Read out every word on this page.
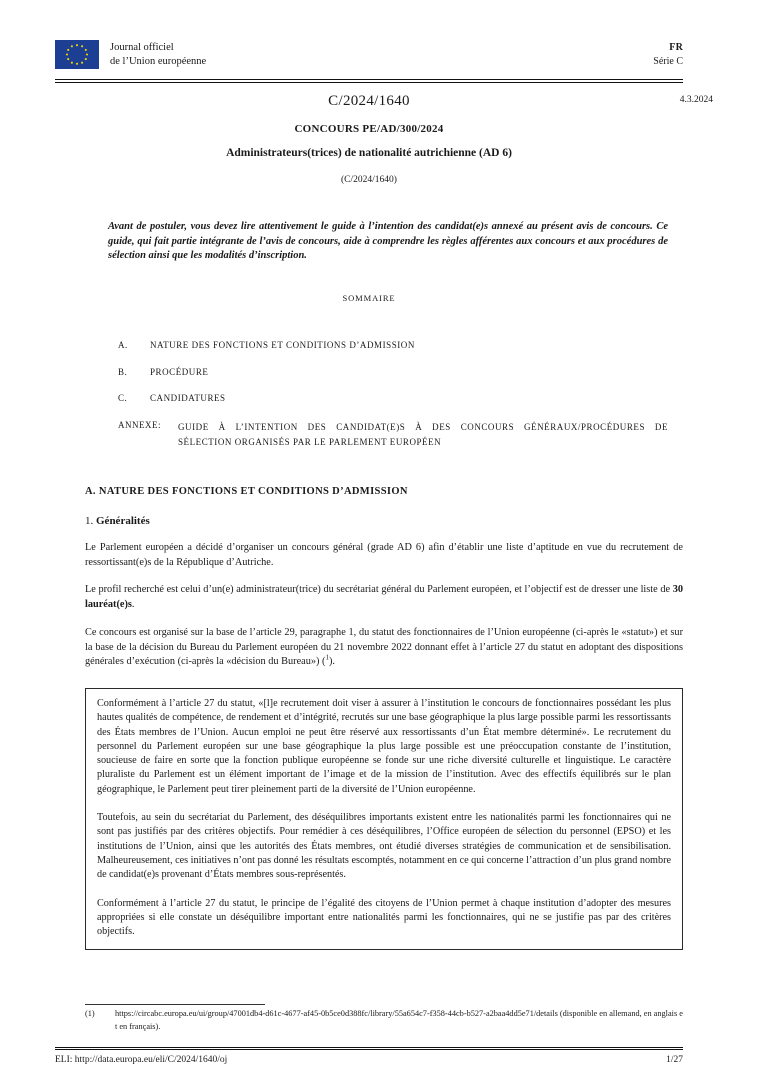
Journal officiel
de l’Union européenne
FR
Série C
C/2024/1640	4.3.2024
CONCOURS PE/AD/300/2024
Administrateurs(trices) de nationalité autrichienne (AD 6)
(C/2024/1640)
Avant de postuler, vous devez lire attentivement le guide à l’intention des candidat(e)s annexé au présent avis de concours. Ce guide, qui fait partie intégrante de l’avis de concours, aide à comprendre les règles afférentes aux concours et aux procédures de sélection ainsi que les modalités d’inscription.
SOMMAIRE
A.	NATURE DES FONCTIONS ET CONDITIONS D’ADMISSION
B.	PROCÉDURE
C.	CANDIDATURES
ANNEXE:	GUIDE À L’INTENTION DES CANDIDAT(E)S À DES CONCOURS GÉNÉRAUX/PROCÉDURES DE
SÉLECTION ORGANISÉS PAR LE PARLEMENT EUROPÉEN
A. NATURE DES FONCTIONS ET CONDITIONS D’ADMISSION
1. Généralités
Le Parlement européen a décidé d’organiser un concours général (grade AD 6) afin d’établir une liste d’aptitude en vue du recrutement de ressortissant(e)s de la République d’Autriche.
Le profil recherché est celui d’un(e) administrateur(trice) du secrétariat général du Parlement européen, et l’objectif est de dresser une liste de 30 lauréat(e)s.
Ce concours est organisé sur la base de l’article 29, paragraphe 1, du statut des fonctionnaires de l’Union européenne (ci-après le «statut») et sur la base de la décision du Bureau du Parlement européen du 21 novembre 2022 donnant effet à l’article 27 du statut en adoptant des dispositions générales d’exécution (ci-après la «décision du Bureau») ($^1$).

Conformément à l’article 27 du statut, «[l]e recrutement doit viser à assurer à l’institution le concours de fonctionnaires possédant les plus hautes qualités de compétence, de rendement et d’intégrité, recrutés sur une base géographique la plus large possible parmi les ressortissants des États membres de l’Union. Aucun emploi ne peut être réservé aux ressortissants d’un État membre déterminé». Le recrutement du personnel du Parlement européen sur une base géographique la plus large possible est une préoccupation constante de l’institution, soucieuse de faire en sorte que la fonction publique européenne se fonde sur une riche diversité culturelle et linguistique. Le caractère pluraliste du Parlement est un élément important de l’image et de la mission de l’institution. Avec des effectifs équilibrés sur le plan géographique, le Parlement peut tirer pleinement parti de la diversité de l’Union européenne.

Toutefois, au sein du secrétariat du Parlement, des déséquilibres importants existent entre les nationalités parmi les fonctionnaires qui ne sont pas justifiés par des critères objectifs. Pour remédier à ces déséquilibres, l’Office européen de sélection du personnel (EPSO) et les institutions de l’Union, ainsi que les autorités des États membres, ont étudié diverses stratégies de communication et de sensibilisation. Malheureusement, ces initiatives n’ont pas donné les résultats escomptés, notamment en ce qui concerne l’attraction d’un plus grand nombre de candidat(e)s provenant d’États membres sous-représentés.

Conformément à l’article 27 du statut, le principe de l’égalité des citoyens de l’Union permet à chaque institution d’adopter des mesures appropriées si elle constate un déséquilibre important entre nationalités parmi les fonctionnaires, qui ne se justifie pas par des critères objectifs.

(1)	https://circabc.europa.eu/ui/group/47001db4-d61c-4677-af45-0b5ce0d388fc/library/55a654c7-f358-44cb-b527-a2baa4dd5e71/details (disponible en allemand, en anglais et en français).
ELI: http://data.europa.eu/eli/C/2024/1640/oj	1/27
